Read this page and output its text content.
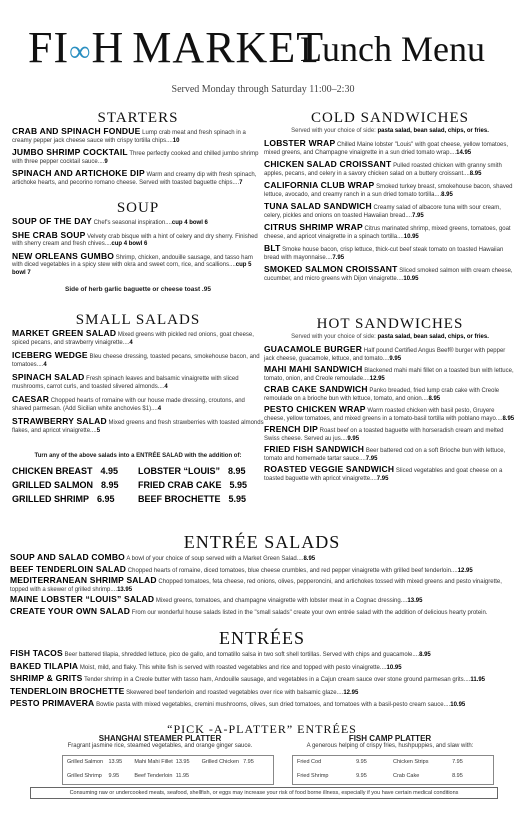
FI∞H MARKET
Lunch Menu
Served Monday through Saturday 11:00–2:30
STARTERS
CRAB AND SPINACH FONDUE Lump crab meat and fresh spinach in a creamy pepper jack cheese sauce with crispy tortilla chips....10
JUMBO SHRIMP COCKTAIL Three perfectly cooked and chilled jumbo shrimp with three pepper cocktail sauce....9
SPINACH AND ARTICHOKE DIP Warm and creamy dip with fresh spinach, artichoke hearts, and pecorino romano cheese. Served with toasted baguette chips....7
SOUP
SOUP OF THE DAY Chef's seasonal inspiration....cup 4 bowl 6
SHE CRAB SOUP Velvety crab bisque with a hint of celery and dry sherry. Finished with sherry cream and fresh chives....cup 4 bowl 6
NEW ORLEANS GUMBO Shrimp, chicken, andouille sausage, and tasso ham with diced vegetables in a spicy stew with okra and sweet corn, rice, and scallions....cup 5 bowl 7
Side of herb garlic baguette or cheese toast .95
SMALL SALADS
MARKET GREEN SALAD Mixed greens with pickled red onions, goat cheese, spiced pecans, and strawberry vinaigrette....4
ICEBERG WEDGE Bleu cheese dressing, toasted pecans, smokehouse bacon, and tomatoes....4
SPINACH SALAD Fresh spinach leaves and balsamic vinaigrette with sliced mushrooms, carrot curls, and toasted slivered almonds....4
CAESAR Chopped hearts of romaine with our house made dressing, croutons, and shaved parmesan. (Add Sicilian white anchovies $1)....4
STRAWBERRY SALAD Mixed greens and fresh strawberries with toasted almonds flakes, and apricot vinaigrette....5
Turn any of the above salads into a ENTRÉE SALAD with the addition of:
CHICKEN BREAST 4.95	LOBSTER “LOUIS” 8.95
GRILLED SALMON 8.95	FRIED CRAB CAKE 5.95
GRILLED SHRIMP 6.95	BEEF BROCHETTE 5.95
COLD SANDWICHES
Served with your choice of side: pasta salad, bean salad, chips, or fries.
LOBSTER WRAP Chilled Maine lobster "Louis" with goat cheese, yellow tomatoes, mixed greens, and Champagne vinaigrette in a sun dried tomato wrap....14.95
CHICKEN SALAD CROISSANT Pulled roasted chicken with granny smith apples, pecans, and celery in a savory chicken salad on a buttery croissant....8.95
CALIFORNIA CLUB WRAP Smoked turkey breast, smokehouse bacon, shaved lettuce, avocado, and creamy ranch in a sun dried tomato tortilla....8.95
TUNA SALAD SANDWICH Creamy salad of albacore tuna with sour cream, celery, pickles and onions on toasted Hawaiian bread....7.95
CITRUS SHRIMP WRAP Citrus marinated shrimp, mixed greens, tomatoes, goat cheese, and apricot vinaigrette in a spinach tortilla....10.95
BLT Smoke house bacon, crisp lettuce, thick-cut beef steak tomato on toasted Hawaiian bread with mayonnaise....7.95
SMOKED SALMON CROISSANT Sliced smoked salmon with cream cheese, cucumber, and micro greens with Dijon vinaigrette....10.95
HOT SANDWICHES
Served with your choice of side: pasta salad, bean salad, chips, or fries.
GUACAMOLE BURGER Half pound Certified Angus Beef® burger with pepper jack cheese, guacamole, lettuce, and tomato....9.95
MAHI MAHI SANDWICH Blackened mahi mahi fillet on a toasted bun with lettuce, tomato, onion, and Creole remoulade....12.95
CRAB CAKE SANDWICH Panko breaded, fried lump crab cake with Creole remoulade on a brioche bun with lettuce, tomato, and onion....8.95
PESTO CHICKEN WRAP Warm roasted chicken with basil pesto, Gruyere cheese, yellow tomatoes, and mixed greens in a tomato-basil tortilla with poblano mayo....8.95
FRENCH DIP Roast beef on a toasted baguette with horseradish cream and melted Swiss cheese. Served au jus....9.95
FRIED FISH SANDWICH Beer battered cod on a soft Brioche bun with lettuce, tomato and homemade tartar sauce....7.95
ROASTED VEGGIE SANDWICH Sliced vegetables and goat cheese on a toasted baguette with apricot vinaigrette....7.95
ENTRÉE SALADS
SOUP AND SALAD COMBO A bowl of your choice of soup served with a Market Green Salad....8.95
BEEF TENDERLOIN SALAD Chopped hearts of romaine, diced tomatoes, blue cheese crumbles, and red pepper vinaigrette with grilled beef tenderloin....12.95
MEDITERRANEAN SHRIMP SALAD Chopped tomatoes, feta cheese, red onions, olives, pepperoncini, and artichokes tossed with mixed greens and pesto vinaigrette, topped with a skewer of grilled shrimp....13.95
MAINE LOBSTER “LOUIS” SALAD Mixed greens, tomatoes, and champagne vinaigrette with lobster meat in a Cognac dressing....13.95
CREATE YOUR OWN SALAD From our wonderful house salads listed in the "small salads" create your own entrée salad with the addition of delicious hearty protein.
ENTRÉES
FISH TACOS Beer battered tilapia, shredded lettuce, pico de gallo, and tomatillo salsa in two soft shell tortillas. Served with chips and guacamole....8.95
BAKED TILAPIA Moist, mild, and flaky. This white fish is served with roasted vegetables and rice and topped with pesto vinaigrette....10.95
SHRIMP & GRITS Tender shrimp in a Creole butter with tasso ham, Andouille sausage, and vegetables in a Cajun cream sauce over stone ground parmesan grits....11.95
TENDERLOIN BROCHETTE Skewered beef tenderloin and roasted vegetables over rice with balsamic glaze....12.95
PESTO PRIMAVERA Bowtie pasta with mixed vegetables, cremini mushrooms, olives, sun dried tomatoes, and tomatoes with a basil-pesto cream sauce....10.95
“PICK -A-PLATTER” ENTRÉES
SHANGHAI STEAMER PLATTER
Fragrant jasmine rice, steamed vegetables, and orange ginger sauce.
Grilled Salmon 13.95	Mahi Mahi Fillet 13.95	Grilled Chicken 7.95
Grilled Shrimp	9.95	Beef Tenderloin 11.95
FISH CAMP PLATTER
A generous helping of crispy fries, hushpuppies, and slaw with:
Fried Cod	9.95	Chicken Strips	7.95
Fried Shrimp	9.95	Crab Cake	8.95
Consuming raw or undercooked meats, seafood, shellfish, or eggs may increase your risk of food borne illness, especially if you have certain medical conditions
